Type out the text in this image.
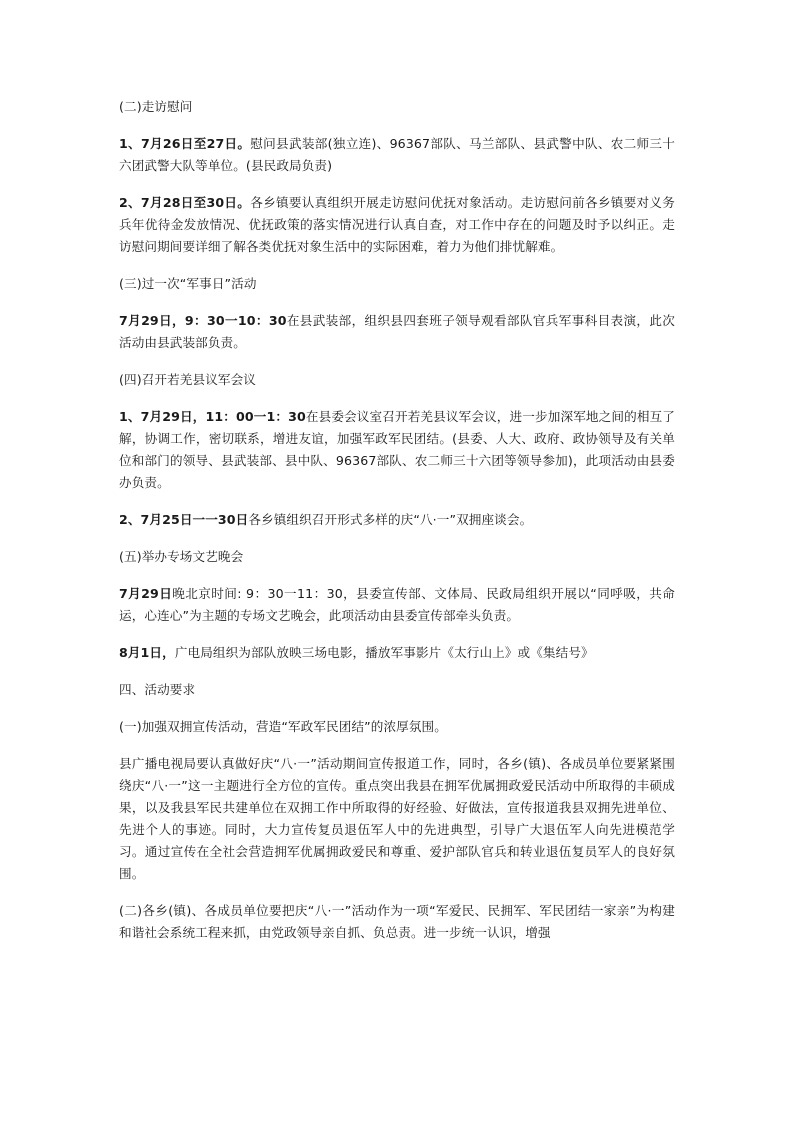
(二)走访慰问

1、7月26日至27日。慰问县武装部(独立连)、96367部队、马兰部队、县武警中队、农二师三十六团武警大队等单位。(县民政局负责)

2、7月28日至30日。各乡镇要认真组织开展走访慰问优抚对象活动。走访慰问前各乡镇要对义务兵年优待金发放情况、优抚政策的落实情况进行认真自查，对工作中存在的问题及时予以纠正。走访慰问期间要详细了解各类优抚对象生活中的实际困难，着力为他们排忧解难。

(三)过一次“军事日”活动

7月29日，9：30一10：30在县武装部，组织县四套班子领导观看部队官兵军事科目表演，此次活动由县武装部负责。

(四)召开若羌县议军会议

1、7月29日，11：00一1：30在县委会议室召开若羌县议军会议，进一步加深军地之间的相互了解，协调工作，密切联系，增进友谊，加强军政军民团结。(县委、人大、政府、政协领导及有关单位和部门的领导、县武装部、县中队、96367部队、农二师三十六团等领导参加)，此项活动由县委办负责。

2、7月25日一一30日各乡镇组织召开形式多样的庆“八·一”双拥座谈会。

(五)举办专场文艺晚会

7月29日晚北京时间: 9：30一11：30，县委宣传部、文体局、民政局组织开展以“同呼吸，共命运，心连心”为主题的专场文艺晚会，此项活动由县委宣传部牵头负责。

8月1日，广电局组织为部队放映三场电影，播放军事影片《太行山上》或《集结号》

四、活动要求

(一)加强双拥宣传活动，营造“军政军民团结”的浓厚氛围。

县广播电视局要认真做好庆“八·一”活动期间宣传报道工作，同时，各乡(镇)、各成员单位要紧紧围绕庆“八·一”这一主题进行全方位的宣传。重点突出我县在拥军优属拥政爱民活动中所取得的丰硕成果，以及我县军民共建单位在双拥工作中所取得的好经验、好做法，宣传报道我县双拥先进单位、先进个人的事迹。同时，大力宣传复员退伍军人中的先进典型，引导广大退伍军人向先进模范学习。通过宣传在全社会营造拥军优属拥政爱民和尊重、爱护部队官兵和转业退伍复员军人的良好氛围。

(二)各乡(镇)、各成员单位要把庆“八·一”活动作为一项“军爱民、民拥军、军民团结一家亲”为构建和谐社会系统工程来抓，由党政领导亲自抓、负总责。进一步统一认识，增强
